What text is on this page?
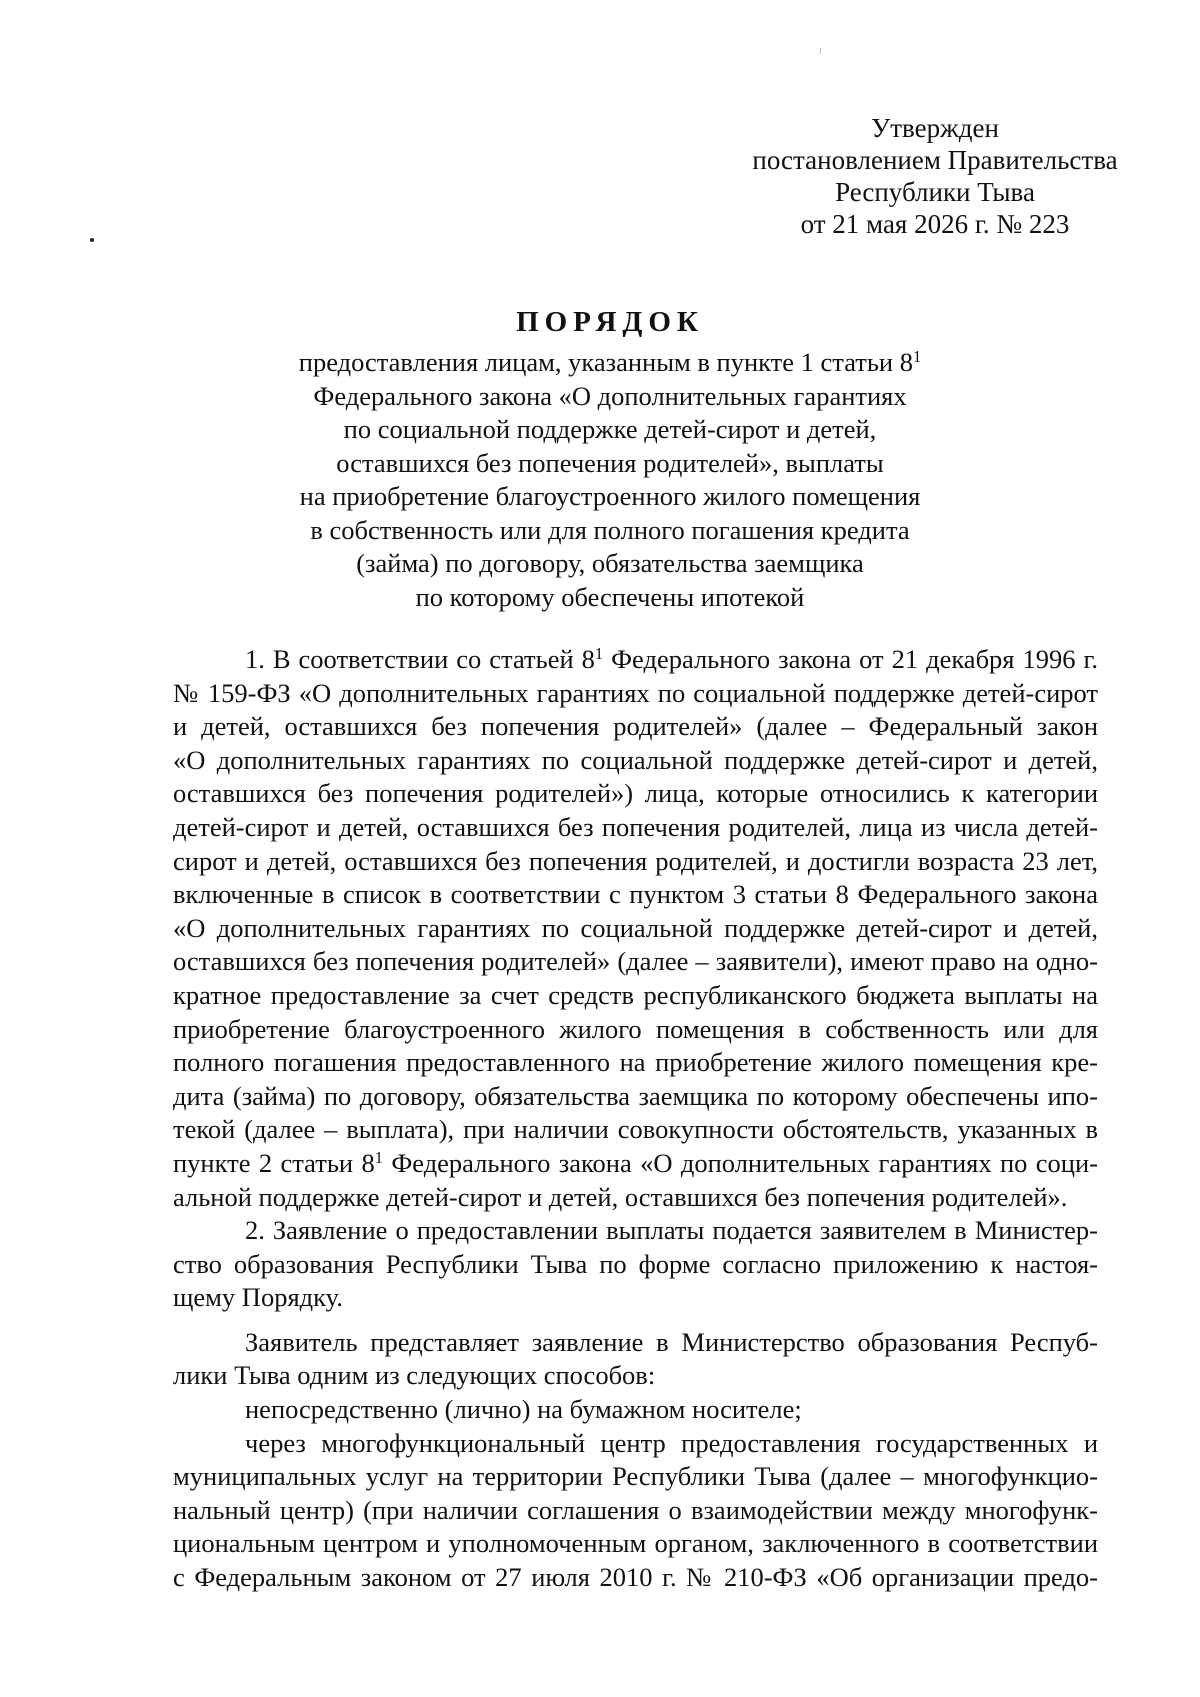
Утвержден
постановлением Правительства
Республики Тыва
от 21 мая 2026 г. № 223
ПОРЯДОК
предоставления лицам, указанным в пункте 1 статьи $8^1$
Федерального закона «О дополнительных гарантиях
по социальной поддержке детей-сирот и детей,
оставшихся без попечения родителей», выплаты
на приобретение благоустроенного жилого помещения
в собственность или для полного погашения кредита
(займа) по договору, обязательства заемщика
по которому обеспечены ипотекой
1. В соответствии со статьей $8^1$ Федерального закона от 21 декабря 1996 г.
№ 159-ФЗ «О дополнительных гарантиях по социальной поддержке детей-сирот
и детей, оставшихся без попечения родителей» (далее – Федеральный закон
«О дополнительных гарантиях по социальной поддержке детей-сирот и детей,
оставшихся без попечения родителей») лица, которые относились к категории
детей-сирот и детей, оставшихся без попечения родителей, лица из числа детей-
сирот и детей, оставшихся без попечения родителей, и достигли возраста 23 лет,
включенные в список в соответствии с пунктом 3 статьи 8 Федерального закона
«О дополнительных гарантиях по социальной поддержке детей-сирот и детей,
оставшихся без попечения родителей» (далее – заявители), имеют право на одно-
кратное предоставление за счет средств республиканского бюджета выплаты на
приобретение благоустроенного жилого помещения в собственность или для
полного погашения предоставленного на приобретение жилого помещения кре-
дита (займа) по договору, обязательства заемщика по которому обеспечены ипо-
текой (далее – выплата), при наличии совокупности обстоятельств, указанных в
пункте 2 статьи $8^1$ Федерального закона «О дополнительных гарантиях по соци-
альной поддержке детей-сирот и детей, оставшихся без попечения родителей».
2. Заявление о предоставлении выплаты подается заявителем в Министер-
ство образования Республики Тыва по форме согласно приложению к настоя-
щему Порядку.
Заявитель представляет заявление в Министерство образования Респуб-
лики Тыва одним из следующих способов:
непосредственно (лично) на бумажном носителе;
через многофункциональный центр предоставления государственных и
муниципальных услуг на территории Республики Тыва (далее – многофункцио-
нальный центр) (при наличии соглашения о взаимодействии между многофунк-
циональным центром и уполномоченным органом, заключенного в соответствии
с Федеральным законом от 27 июля 2010 г. № 210-ФЗ «Об организации предо-
